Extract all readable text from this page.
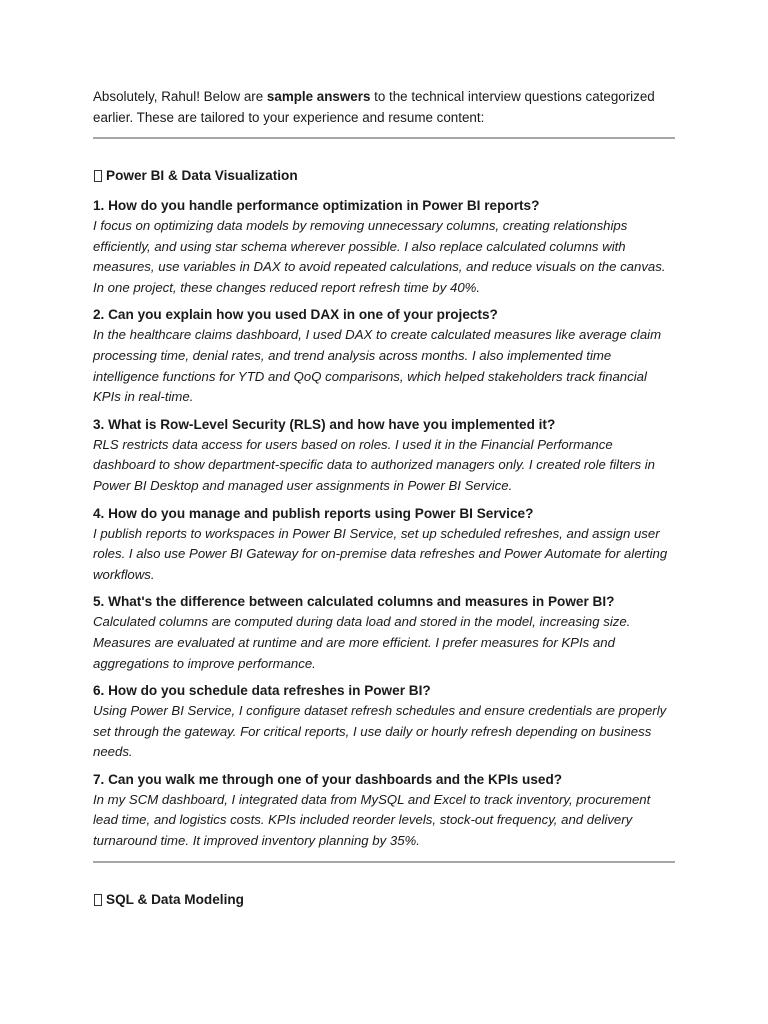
Absolutely, Rahul! Below are sample answers to the technical interview questions categorized earlier. These are tailored to your experience and resume content:

Power BI & Data Visualization

1. How do you handle performance optimization in Power BI reports?

I focus on optimizing data models by removing unnecessary columns, creating relationships efficiently, and using star schema wherever possible. I also replace calculated columns with measures, use variables in DAX to avoid repeated calculations, and reduce visuals on the canvas. In one project, these changes reduced report refresh time by 40%.

2. Can you explain how you used DAX in one of your projects?

In the healthcare claims dashboard, I used DAX to create calculated measures like average claim processing time, denial rates, and trend analysis across months. I also implemented time intelligence functions for YTD and QoQ comparisons, which helped stakeholders track financial KPIs in real-time.

3. What is Row-Level Security (RLS) and how have you implemented it?

RLS restricts data access for users based on roles. I used it in the Financial Performance dashboard to show department-specific data to authorized managers only. I created role filters in Power BI Desktop and managed user assignments in Power BI Service.

4. How do you manage and publish reports using Power BI Service?

I publish reports to workspaces in Power BI Service, set up scheduled refreshes, and assign user roles. I also use Power BI Gateway for on-premise data refreshes and Power Automate for alerting workflows.

5. What's the difference between calculated columns and measures in Power BI?

Calculated columns are computed during data load and stored in the model, increasing size. Measures are evaluated at runtime and are more efficient. I prefer measures for KPIs and aggregations to improve performance.

6. How do you schedule data refreshes in Power BI?

Using Power BI Service, I configure dataset refresh schedules and ensure credentials are properly set through the gateway. For critical reports, I use daily or hourly refresh depending on business needs.

7. Can you walk me through one of your dashboards and the KPIs used?

In my SCM dashboard, I integrated data from MySQL and Excel to track inventory, procurement lead time, and logistics costs. KPIs included reorder levels, stock-out frequency, and delivery turnaround time. It improved inventory planning by 35%.

SQL & Data Modeling
